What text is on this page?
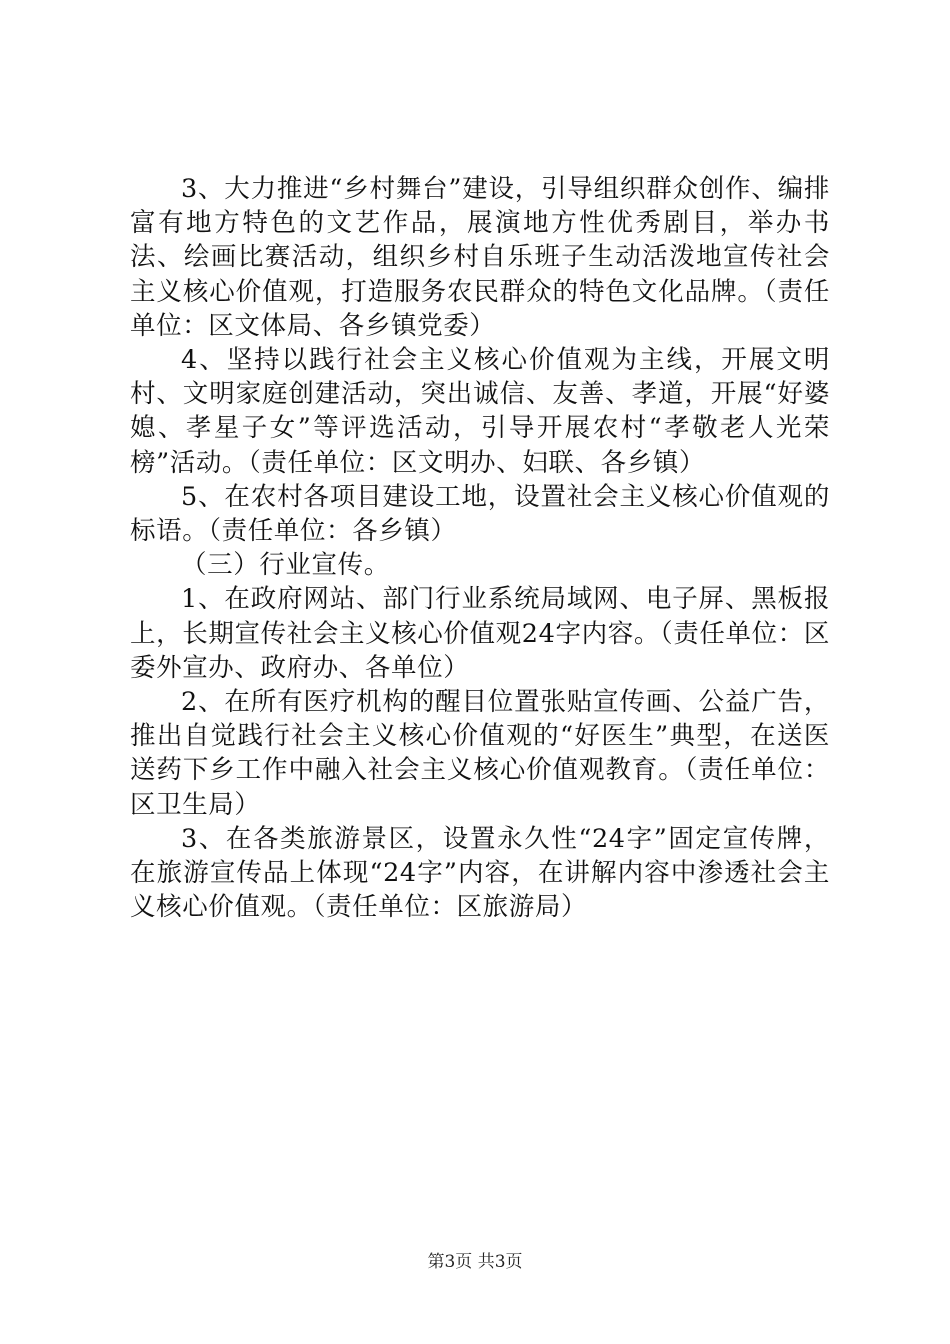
3、大力推进“乡村舞台”建设，引导组织群众创作、编排富有地方特色的文艺作品，展演地方性优秀剧目，举办书法、绘画比赛活动，组织乡村自乐班子生动活泼地宣传社会主义核心价值观，打造服务农民群众的特色文化品牌。（责任单位：区文体局、各乡镇党委）

4、坚持以践行社会主义核心价值观为主线，开展文明村、文明家庭创建活动，突出诚信、友善、孝道，开展“好婆媳、孝星子女”等评选活动，引导开展农村“孝敬老人光荣榜”活动。（责任单位：区文明办、妇联、各乡镇）

5、在农村各项目建设工地，设置社会主义核心价值观的标语。（责任单位：各乡镇）

（三）行业宣传。

1、在政府网站、部门行业系统局域网、电子屏、黑板报上，长期宣传社会主义核心价值观24字内容。（责任单位：区委外宣办、政府办、各单位）

2、在所有医疗机构的醒目位置张贴宣传画、公益广告，推出自觉践行社会主义核心价值观的“好医生”典型，在送医送药下乡工作中融入社会主义核心价值观教育。（责任单位：区卫生局）

3、在各类旅游景区，设置永久性“24字”固定宣传牌，在旅游宣传品上体现“24字”内容，在讲解内容中渗透社会主义核心价值观。（责任单位：区旅游局）

第3页 共3页
